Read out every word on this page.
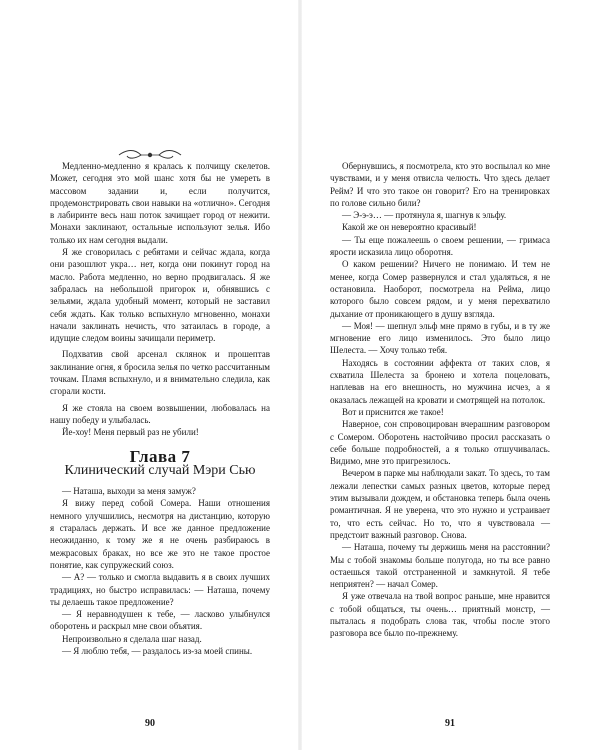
Медленно-медленно я кралась к полчищу скелетов. Может, сегодня это мой шанс хотя бы не умереть в массовом задании и, если получится, продемонстрировать свои навыки на «отлично». Сегодня в лабиринте весь наш поток зачищает город от нежити. Монахи заклинают, остальные используют зелья. Ибо только их нам сегодня выдали.

Я же сговорилась с ребятами и сейчас ждала, когда они разошлют укра… нет, когда они покинут город на масло. Работа медленно, но верно продвигалась. Я же забралась на небольшой пригорок и, обнявшись с зельями, ждала удобный момент, который не заставил себя ждать. Как только вспыхнуло мгновенно, монахи начали заклинать нечисть, что затаилась в городе, а идущие следом воины зачищали периметр.

Подхватив свой арсенал склянок и прошептав заклинание огня, я бросила зелья по четко рассчитанным точкам. Пламя вспыхнуло, и я внимательно следила, как сгорали кости.

Я же стояла на своем возвышении, любовалась на нашу победу и улыбалась.

Йе-хоу! Меня первый раз не убили!

Глава 7
Клинический случай Мэри Сью

— Наташа, выходи за меня замуж?

Я вижу перед собой Сомера. Наши отношения немного улучшились, несмотря на дистанцию, которую я старалась держать. И все же данное предложение неожиданно, к тому же я не очень разбираюсь в межрасовых браках, но все же это не такое простое понятие, как супружеский союз.

— А? — только и смогла выдавить я в своих лучших традициях, но быстро исправилась: — Наташа, почему ты делаешь такое предложение?

— Я неравнодушен к тебе, — ласково улыбнулся оборотень и раскрыл мне свои объятия.

Непроизвольно я сделала шаг назад.

— Я люблю тебя, — раздалось из-за моей спины.

90

Обернувшись, я посмотрела, кто это воспылал ко мне чувствами, и у меня отвисла челюсть. Что здесь делает Рейм? И что это такое он говорит? Его на тренировках по голове сильно били?

— Э-э-э… — протянула я, шагнув к эльфу.

Какой же он невероятно красивый!

— Ты еще пожалеешь о своем решении, — гримаса ярости исказила лицо оборотня.

О каком решении? Ничего не понимаю. И тем не менее, когда Сомер развернулся и стал удаляться, я не остановила. Наоборот, посмотрела на Рейма, лицо которого было совсем рядом, и у меня перехватило дыхание от проникающего в душу взгляда.

— Моя! — шепнул эльф мне прямо в губы, и в ту же мгновение его лицо изменилось. Это было лицо Шелеста. — Хочу только тебя.

Находясь в состоянии аффекта от таких слов, я схватила Шелеста за бронею и хотела поцеловать, наплевав на его внешность, но мужчина исчез, а я оказалась лежащей на кровати и смотрящей на потолок.

Вот и приснится же такое!

Наверное, сон спровоцирован вчерашним разговором с Сомером. Оборотень настойчиво просил рассказать о себе больше подробностей, а я только отшучивалась. Видимо, мне это пригрезилось.

Вечером в парке мы наблюдали закат. То здесь, то там лежали лепестки самых разных цветов, которые перед этим вызывали дождем, и обстановка теперь была очень романтичная. Я не уверена, что это нужно и устраивает то, что есть сейчас. Но то, что я чувствовала — предстоит важный разговор. Снова.

— Наташа, почему ты держишь меня на расстоянии? Мы с тобой знакомы больше полугода, но ты все равно остаешься такой отстраненной и замкнутой. Я тебе неприятен? — начал Сомер.

Я уже отвечала на твой вопрос раньше, мне нравится с тобой общаться, ты очень… приятный монстр, — пыталась я подобрать слова так, чтобы после этого разговора все было по-прежнему.

91
